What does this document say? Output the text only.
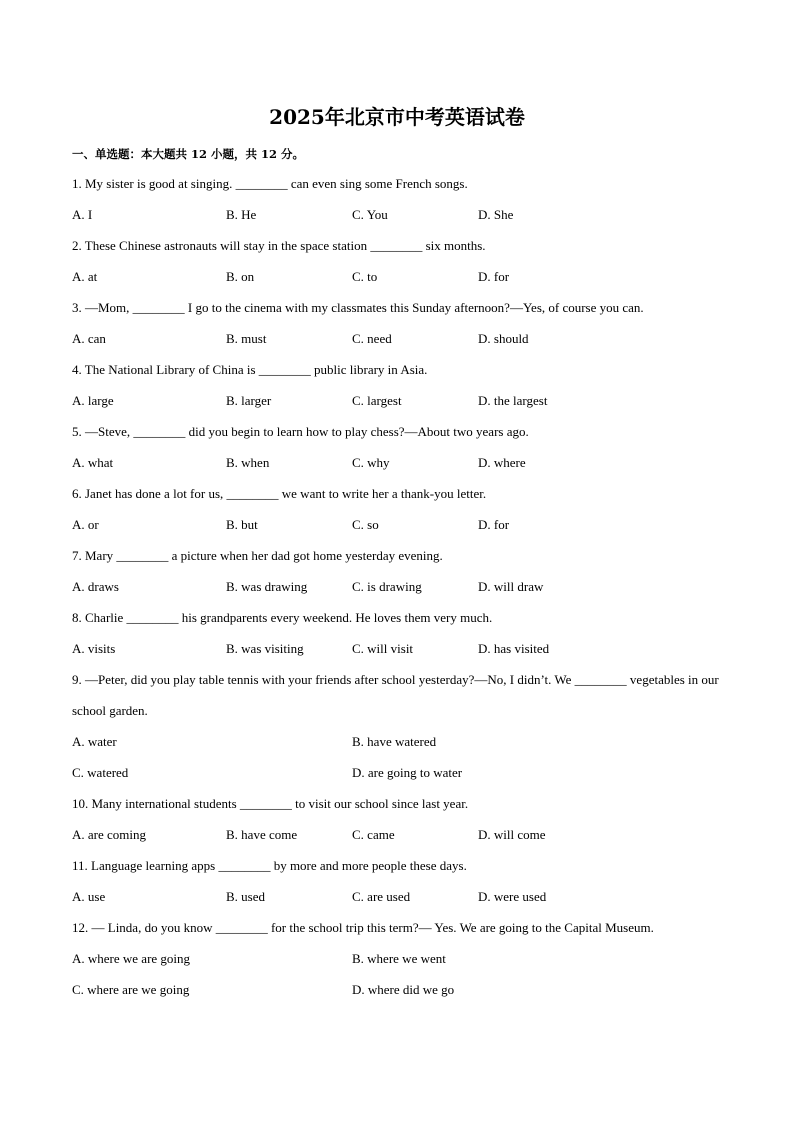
2025年北京市中考英语试卷
一、单选题：本大题共 12 小题，共 12 分。
1. My sister is good at singing. ________ can even sing some French songs.
A. I	B. He	C. You	D. She
2. These Chinese astronauts will stay in the space station ________ six months.
A. at	B. on	C. to	D. for
3. —Mom, ________ I go to the cinema with my classmates this Sunday afternoon?—Yes, of course you can.
A. can	B. must	C. need	D. should
4. The National Library of China is ________ public library in Asia.
A. large	B. larger	C. largest	D. the largest
5. —Steve, ________ did you begin to learn how to play chess?—About two years ago.
A. what	B. when	C. why	D. where
6. Janet has done a lot for us, ________ we want to write her a thank-you letter.
A. or	B. but	C. so	D. for
7. Mary ________ a picture when her dad got home yesterday evening.
A. draws	B. was drawing	C. is drawing	D. will draw
8. Charlie ________ his grandparents every weekend. He loves them very much.
A. visits	B. was visiting	C. will visit	D. has visited
9. —Peter, did you play table tennis with your friends after school yesterday?—No, I didn’t. We ________ vegetables in our school garden.
A. water	B. have watered
C. watered	D. are going to water
10. Many international students ________ to visit our school since last year.
A. are coming	B. have come	C. came	D. will come
11. Language learning apps ________ by more and more people these days.
A. use	B. used	C. are used	D. were used
12. — Linda, do you know ________ for the school trip this term?— Yes. We are going to the Capital Museum.
A. where we are going	B. where we went
C. where are we going	D. where did we go
